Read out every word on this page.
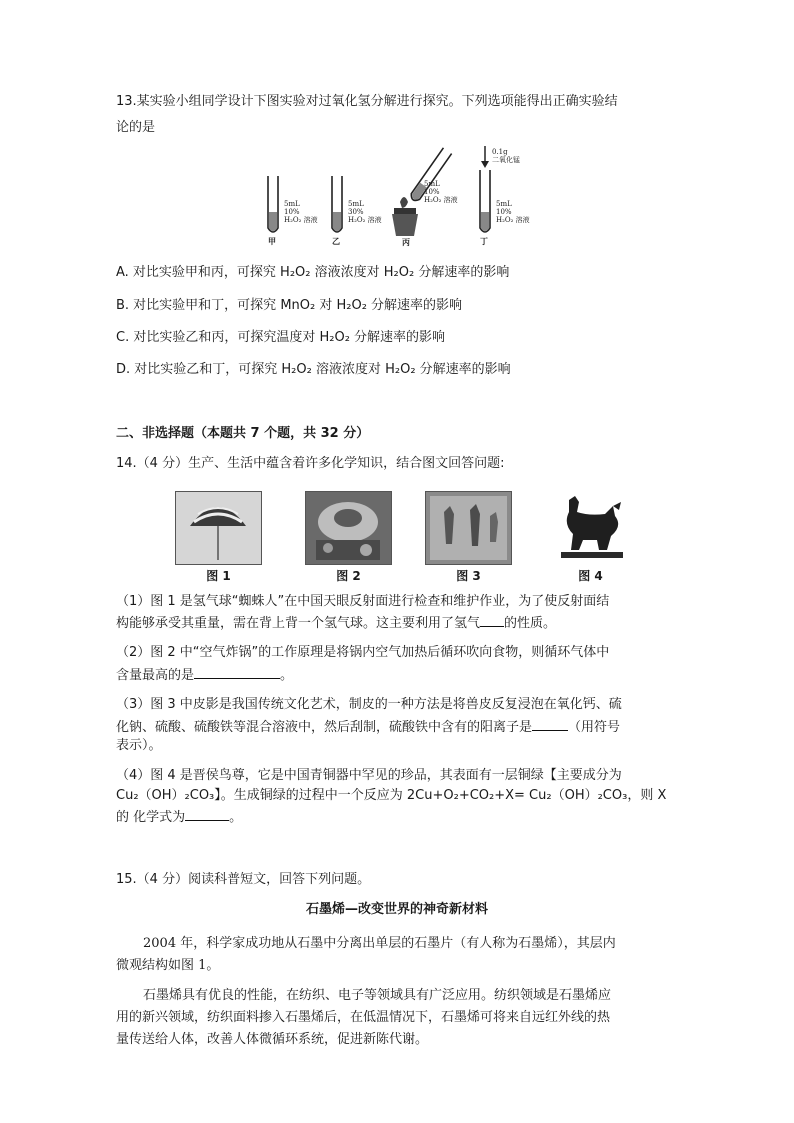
13.某实验小组同学设计下图实验对过氧化氢分解进行探究。下列选项能得出正确实验结
论的是
5mL
10%
H₂O₂ 溶液
甲
5mL
30%
H₂O₂ 溶液
乙
5mL
10%
H₂O₂ 溶液
丙
0.1g
二氧化锰
5mL
10%
H₂O₂ 溶液
丁
A. 对比实验甲和丙，可探究 H₂O₂ 溶液浓度对 H₂O₂ 分解速率的影响
B. 对比实验甲和丁，可探究 MnO₂ 对 H₂O₂ 分解速率的影响
C. 对比实验乙和丙，可探究温度对 H₂O₂ 分解速率的影响
D. 对比实验乙和丁，可探究 H₂O₂ 溶液浓度对 H₂O₂ 分解速率的影响
二、非选择题（本题共 7 个题，共 32 分）
14.（4 分）生产、生活中蕴含着许多化学知识，结合图文回答问题:
图 1	图 2	图 3	图 4
（1）图 1 是氢气球“蜘蛛人”在中国天眼反射面进行检查和维护作业，为了使反射面结
构能够承受其重量，需在背上背一个氢气球。这主要利用了氢气 的性质。
（2）图 2 中“空气炸锅”的工作原理是将锅内空气加热后循环吹向食物，则循环气体中
含量最高的是	。
（3）图 3 中皮影是我国传统文化艺术，制皮的一种方法是将兽皮反复浸泡在氧化钙、硫
化钠、硫酸、硫酸铁等混合溶液中，然后刮制，硫酸铁中含有的阳离子是	（用符号
表示）。
（4）图 4 是晋侯鸟尊，它是中国青铜器中罕见的珍品，其表面有一层铜绿【主要成分为
Cu₂（OH）₂CO₃】。生成铜绿的过程中一个反应为 2Cu+O₂+CO₂+X= Cu₂（OH）₂CO₃，则 X
的 化学式为	。
15.（4 分）阅读科普短文，回答下列问题。
石墨烯—改变世界的神奇新材料
2004 年，科学家成功地从石墨中分离出单层的石墨片（有人称为石墨烯），其层内
微观结构如图 1。
石墨烯具有优良的性能，在纺织、电子等领域具有广泛应用。纺织领域是石墨烯应
用的新兴领域，纺织面料掺入石墨烯后，在低温情况下，石墨烯可将来自远红外线的热
量传送给人体，改善人体微循环系统，促进新陈代谢。
